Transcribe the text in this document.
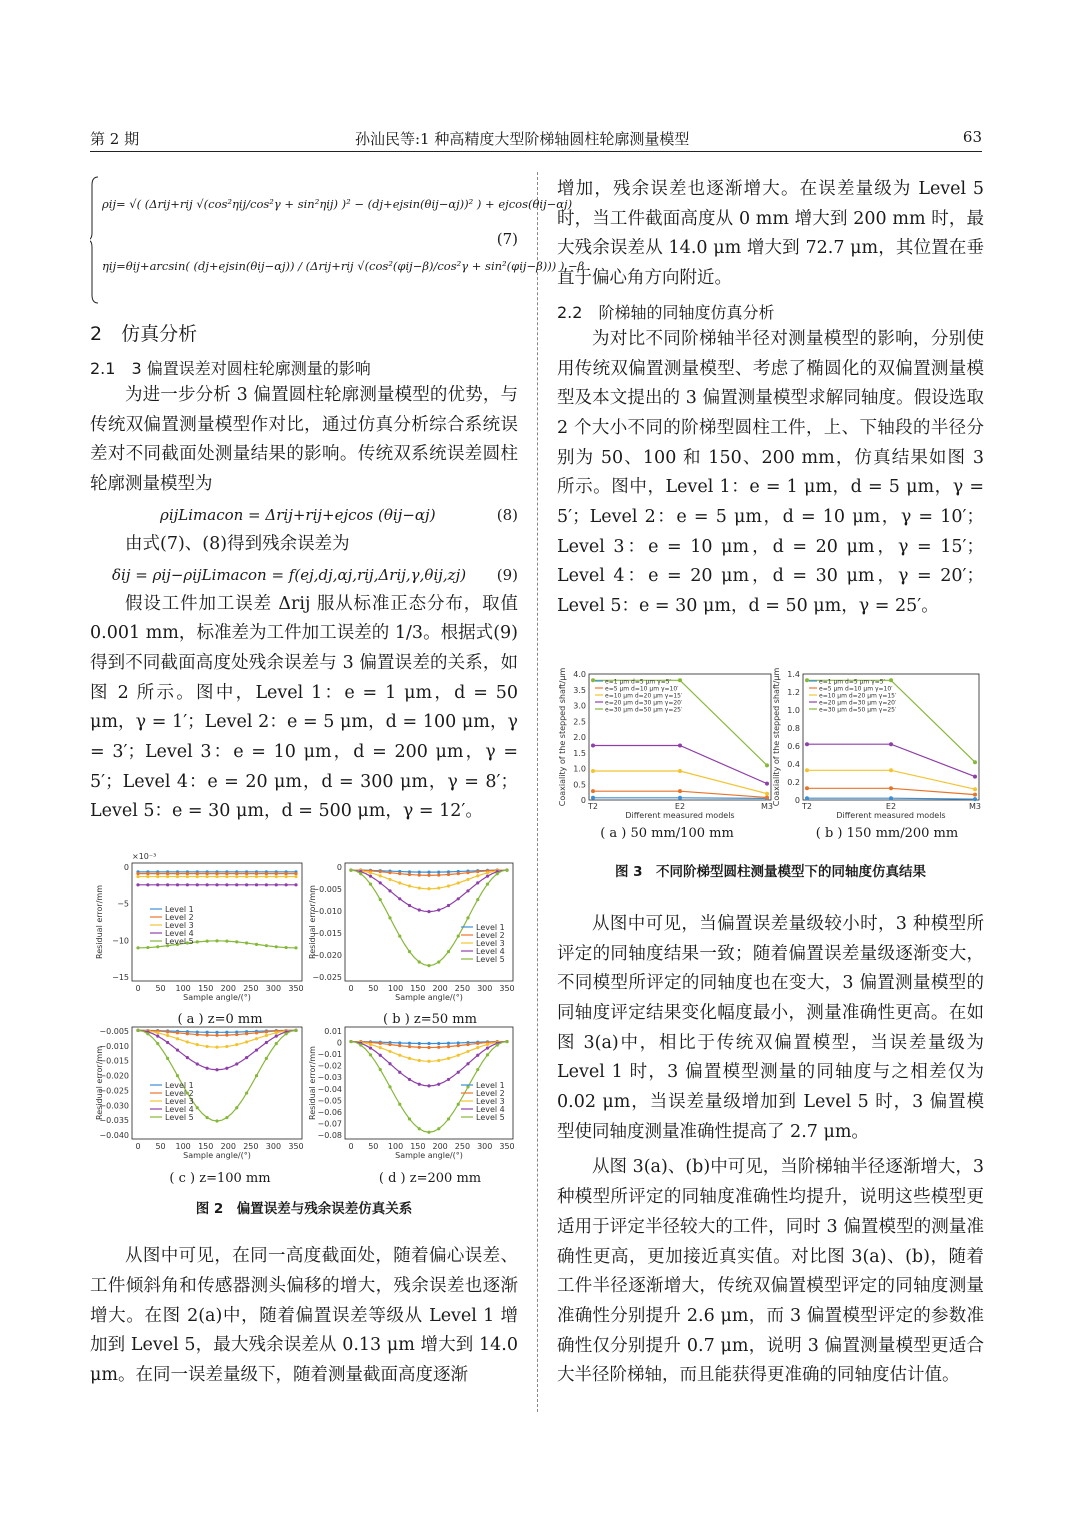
第 2 期	孙汕民等:1 种高精度大型阶梯轴圆柱轮廓测量模型	63
ρij= √( (Δrij+rij √(cos²ηij/cos²γ + sin²ηij) )² − (dj+ejsin(θij−αj))² ) + ejcos(θij−αj)
ηij=θij+arcsin( (dj+ejsin(θij−αj)) / (Δrij+rij √(cos²(φij−β)/cos²γ + sin²(φij−β))) ) −β
(7)
2　仿真分析
2.1　3 偏置误差对圆柱轮廓测量的影响

为进一步分析 3 偏置圆柱轮廓测量模型的优势，与传统双偏置测量模型作对比，通过仿真分析综合系统误差对不同截面处测量结果的影响。传统双系统误差圆柱轮廓测量模型为

ρijLimacon = Δrij+rij+ejcos (θij−αj)	(8)

由式(7)、(8)得到残余误差为

δij = ρij−ρijLimacon = f(ej,dj,αj,rij,Δrij,γ,θij,zj) (9)

假设工件加工误差 Δrij 服从标准正态分布，取值 0.001 mm，标准差为工件加工误差的 1/3。根据式(9)得到不同截面高度处残余误差与 3 偏置误差的关系，如图 2 所示。图中，Level 1：e = 1 μm，d = 50 μm，γ = 1′；Level 2：e = 5 μm，d = 100 μm，γ = 3′；Level 3：e = 10 μm，d = 200 μm，γ = 5′；Level 4：e = 20 μm，d = 300 μm，γ = 8′；Level 5：e = 30 μm，d = 500 μm，γ = 12′。

0
−5
−10
−15
0 50 100 150 200 250 300 350
Sample angle/(°)
Residual error/mm
×10⁻³
Level 1
Level 2
Level 3
Level 4
Level 5
0
−0.005
−0.010
−0.015
−0.020
−0.025
0 50 100 150 200 250 300 350
Sample angle/(°)
Residual error/mm	Level 1
Level 2
Level 3
Level 4
Level 5
−0.005
−0.010
−0.015
−0.020
−0.025
−0.030
−0.035
−0.040
0 50 100 150 200 250 300 350
Sample angle/(°)
Residual error/mm	Level 1
Level 2
Level 3
Level 4
Level 5
0.01
0
−0.01
−0.02
−0.03
−0.04
−0.05
−0.06
−0.07
−0.08
0 50 100 150 200 250 300 350
Sample angle/(°)
Residual error/mm	Level 1
Level 2
Level 3
Level 4
Level 5
( a ) z=0 mm	( b ) z=50 mm
( c ) z=100 mm	( d ) z=200 mm
图 2　偏置误差与残余误差仿真关系

从图中可见，在同一高度截面处，随着偏心误差、工件倾斜角和传感器测头偏移的增大，残余误差也逐渐增大。在图 2(a)中，随着偏置误差等级从 Level 1 增加到 Level 5，最大残余误差从 0.13 μm 增大到 14.0 μm。在同一误差量级下，随着测量截面高度逐渐

增加，残余误差也逐渐增大。在误差量级为 Level 5 时，当工件截面高度从 0 mm 增大到 200 mm 时，最大残余误差从 14.0 μm 增大到 72.7 μm，其位置在垂直于偏心角方向附近。

2.2　阶梯轴的同轴度仿真分析

为对比不同阶梯轴半径对测量模型的影响，分别使用传统双偏置测量模型、考虑了椭圆化的双偏置测量模型及本文提出的 3 偏置测量模型求解同轴度。假设选取 2 个大小不同的阶梯型圆柱工件，上、下轴段的半径分别为 50、100 和 150、200 mm，仿真结果如图 3 所示。图中，Level 1：e = 1 μm，d = 5 μm，γ = 5′；Level 2：e = 5 μm，d = 10 μm，γ = 10′；Level 3：e = 10 μm，d = 20 μm，γ = 15′；Level 4：e = 20 μm，d = 30 μm，γ = 20′；Level 5：e = 30 μm，d = 50 μm，γ = 25′。

0
0.5
1.0
1.5
2.0
2.5
3.0
3.5
4.0
T2	E2	M3
Different measured models
Coaxiality of the stepped shaft/μm	e=1 μm d=5 μm γ=5′
e=5 μm d=10 μm γ=10′
e=10 μm d=20 μm γ=15′
e=20 μm d=30 μm γ=20′
e=30 μm d=50 μm γ=25′
0
0.2
0.4
0.6
0.8
1.0
1.2
1.4
T2	E2	M3
Different measured models
Coaxiality of the stepped shaft/μm	e=1 μm d=5 μm γ=5′
e=5 μm d=10 μm γ=10′
e=10 μm d=20 μm γ=15′
e=20 μm d=30 μm γ=20′
e=30 μm d=50 μm γ=25′
( a ) 50 mm/100 mm	( b ) 150 mm/200 mm
图 3　不同阶梯型圆柱测量模型下的同轴度仿真结果

从图中可见，当偏置误差量级较小时，3 种模型所评定的同轴度结果一致；随着偏置误差量级逐渐变大，不同模型所评定的同轴度也在变大，3 偏置测量模型的同轴度评定结果变化幅度最小，测量准确性更高。在如图 3(a)中，相比于传统双偏置模型，当误差量级为 Level 1 时，3 偏置模型测量的同轴度与之相差仅为 0.02 μm，当误差量级增加到 Level 5 时，3 偏置模型使同轴度测量准确性提高了 2.7 μm。

从图 3(a)、(b)中可见，当阶梯轴半径逐渐增大，3 种模型所评定的同轴度准确性均提升，说明这些模型更适用于评定半径较大的工件，同时 3 偏置模型的测量准确性更高，更加接近真实值。对比图 3(a)、(b)，随着工件半径逐渐增大，传统双偏置模型评定的同轴度测量准确性分别提升 2.6 μm，而 3 偏置模型评定的参数准确性仅分别提升 0.7 μm，说明 3 偏置测量模型更适合大半径阶梯轴，而且能获得更准确的同轴度估计值。
